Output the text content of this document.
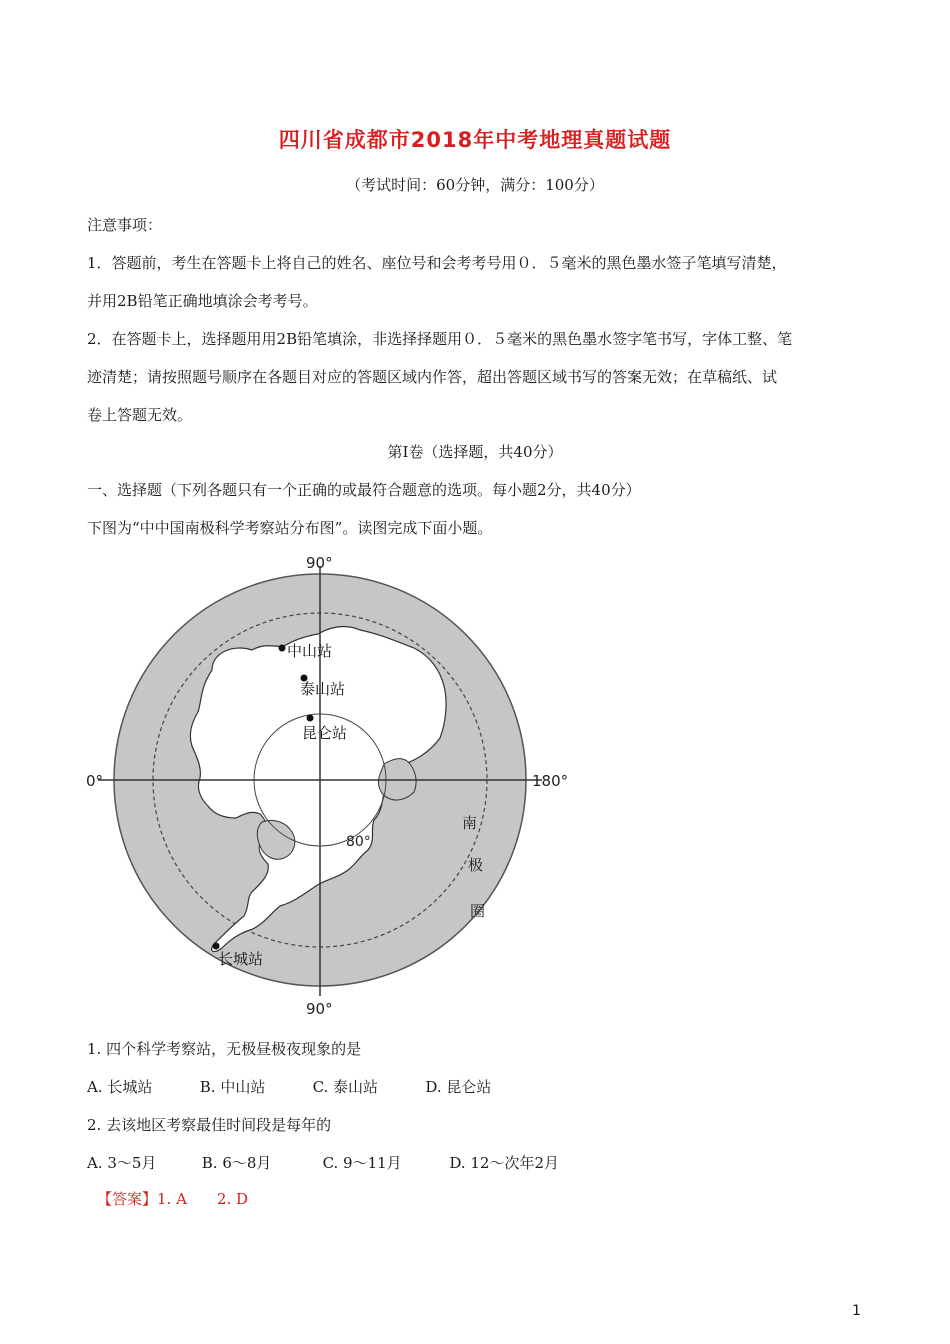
四川省成都市2018年中考地理真题试题
（考试时间：60分钟，满分：100分）
注意事项：
1．答题前，考生在答题卡上将自己的姓名、座位号和会考考号用０．５毫米的黑色墨水签子笔填写清楚，
并用2B铅笔正确地填涂会考考号。
2．在答题卡上，选择题用用2B铅笔填涂，非选择择题用０．５毫米的黑色墨水签字笔书写，字体工整、笔
迹清楚；请按照题号顺序在各题目对应的答题区域内作答，超出答题区域书写的答案无效；在草稿纸、试
卷上答题无效。
第Ⅰ卷（选择题，共40分）
一、选择题（下列各题只有一个正确的或最符合题意的选项。每小题2分，共40分）
下图为“中中国南极科学考察站分布图”。读图完成下面小题。
90°
90°
0°	180°
80°
南
极
圈
中山站
泰山站
昆仑站
长城站
1. 四个科学考察站，无极昼极夜现象的是
A. 长城站	B. 中山站	C. 泰山站	D. 昆仑站
2. 去该地区考察最佳时间段是每年的
A. 3～5月	B. 6～8月	C. 9～11月	D. 12～次年2月
【答案】1. A　　2. D
1
